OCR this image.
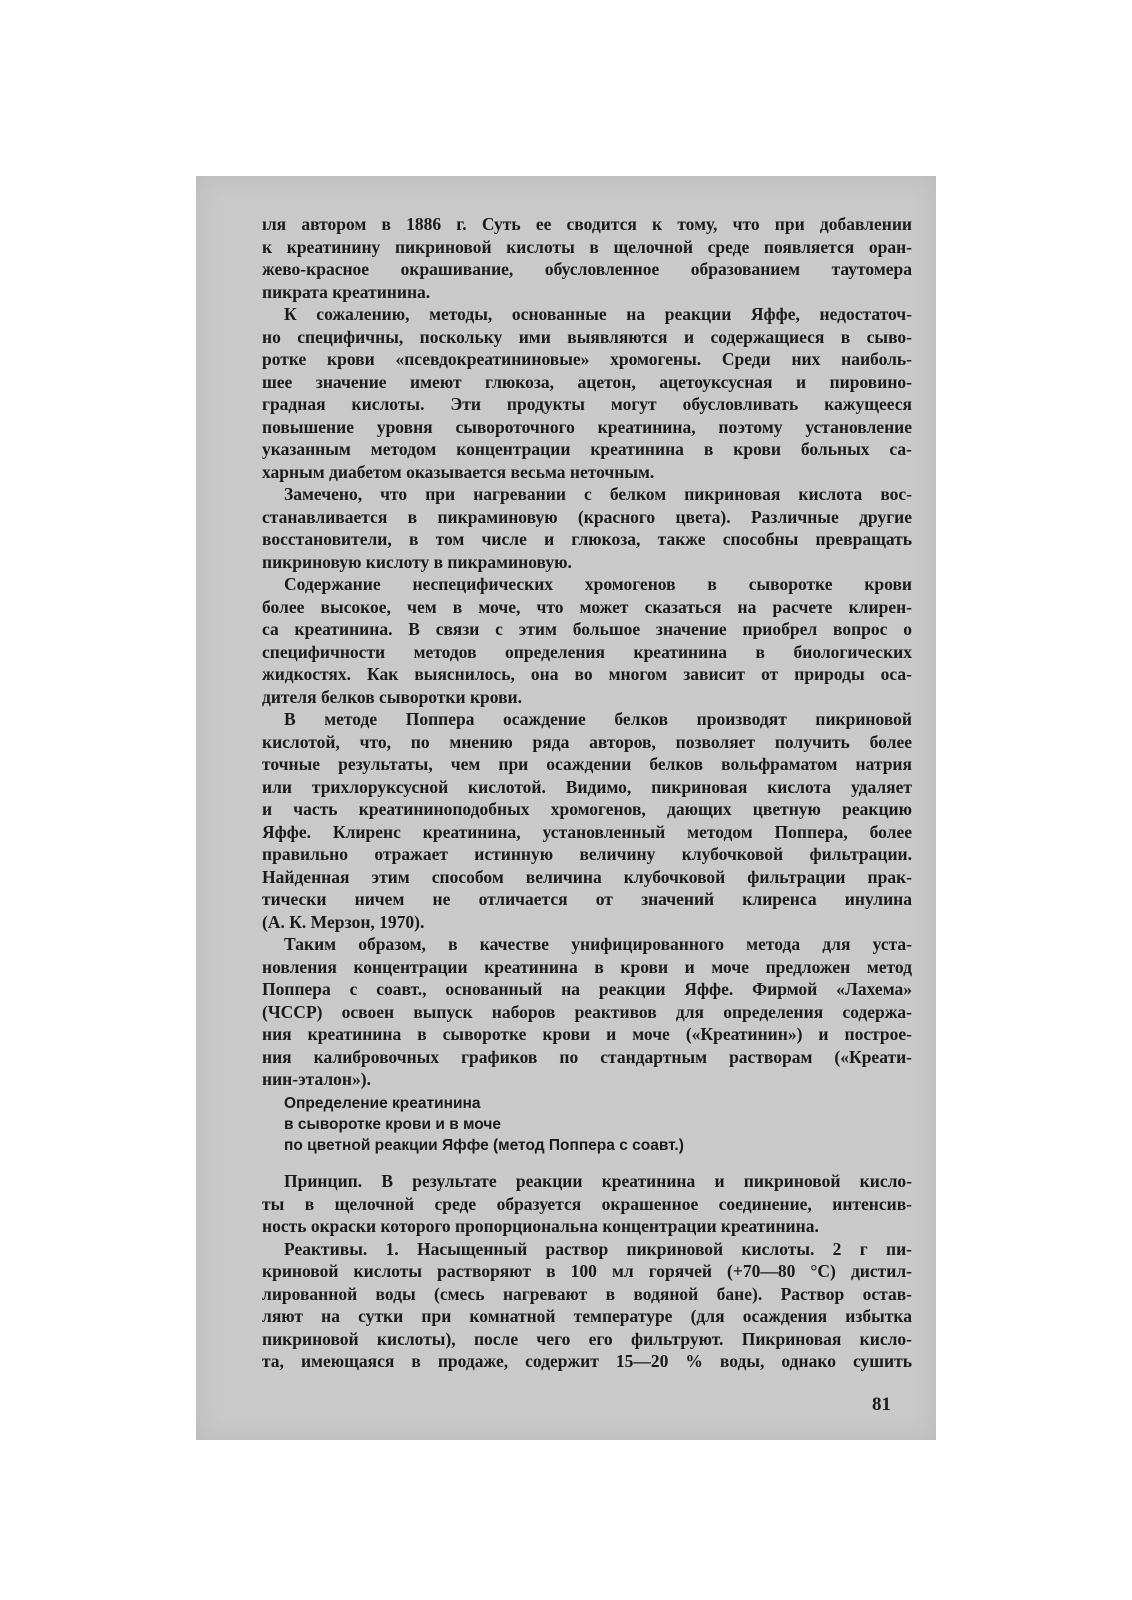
ıля автором в 1886 г. Суть ее сводится к тому, что при добавлении
к креатинину пикриновой кислоты в щелочной среде появляется оран-
жево-красное окрашивание, обусловленное образованием таутомера
пикрата креатинина.
К сожалению, методы, основанные на реакции Яффе, недостаточ-
но специфичны, поскольку ими выявляются и содержащиеся в сыво-
ротке крови «псевдокреатининовые» хромогены. Среди них наиболь-
шее значение имеют глюкоза, ацетон, ацетоуксусная и пировино-
градная кислоты. Эти продукты могут обусловливать кажущееся
повышение уровня сывороточного креатинина, поэтому установление
указанным методом концентрации креатинина в крови больных са-
харным диабетом оказывается весьма неточным.
Замечено, что при нагревании с белком пикриновая кислота вос-
станавливается в пикраминовую (красного цвета). Различные другие
восстановители, в том числе и глюкоза, также способны превращать
пикриновую кислоту в пикраминовую.
Содержание неспецифических хромогенов в сыворотке крови
более высокое, чем в моче, что может сказаться на расчете клирен-
са креатинина. В связи с этим большое значение приобрел вопрос о
специфичности методов определения креатинина в биологических
жидкостях. Как выяснилось, она во многом зависит от природы оса-
дителя белков сыворотки крови.
В методе Поппера осаждение белков производят пикриновой
кислотой, что, по мнению ряда авторов, позволяет получить более
точные результаты, чем при осаждении белков вольфраматом натрия
или трихлоруксусной кислотой. Видимо, пикриновая кислота удаляет
и часть креатининоподобных хромогенов, дающих цветную реакцию
Яффе. Клиренс креатинина, установленный методом Поппера, более
правильно отражает истинную величину клубочковой фильтрации.
Найденная этим способом величина клубочковой фильтрации прак-
тически ничем не отличается от значений клиренса инулина
(А. К. Мерзон, 1970).
Таким образом, в качестве унифицированного метода для уста-
новления концентрации креатинина в крови и моче предложен метод
Поппера с соавт., основанный на реакции Яффе. Фирмой «Лахема»
(ЧССР) освоен выпуск наборов реактивов для определения содержа-
ния креатинина в сыворотке крови и моче («Креатинин») и построе-
ния калибровочных графиков по стандартным растворам («Креати-
нин-эталон»).
Определение креатинина
в сыворотке крови и в моче
по цветной реакции Яффе (метод Поппера с соавт.)
Принцип. В результате реакции креатинина и пикриновой кисло-
ты в щелочной среде образуется окрашенное соединение, интенсив-
ность окраски которого пропорциональна концентрации креатинина.
Реактивы. 1. Насыщенный раствор пикриновой кислоты. 2 г пи-
криновой кислоты растворяют в 100 мл горячей (+70—80 °С) дистил-
лированной воды (смесь нагревают в водяной бане). Раствор остав-
ляют на сутки при комнатной температуре (для осаждения избытка
пикриновой кислоты), после чего его фильтруют. Пикриновая кисло-
та, имеющаяся в продаже, содержит 15—20 % воды, однако сушить
81
